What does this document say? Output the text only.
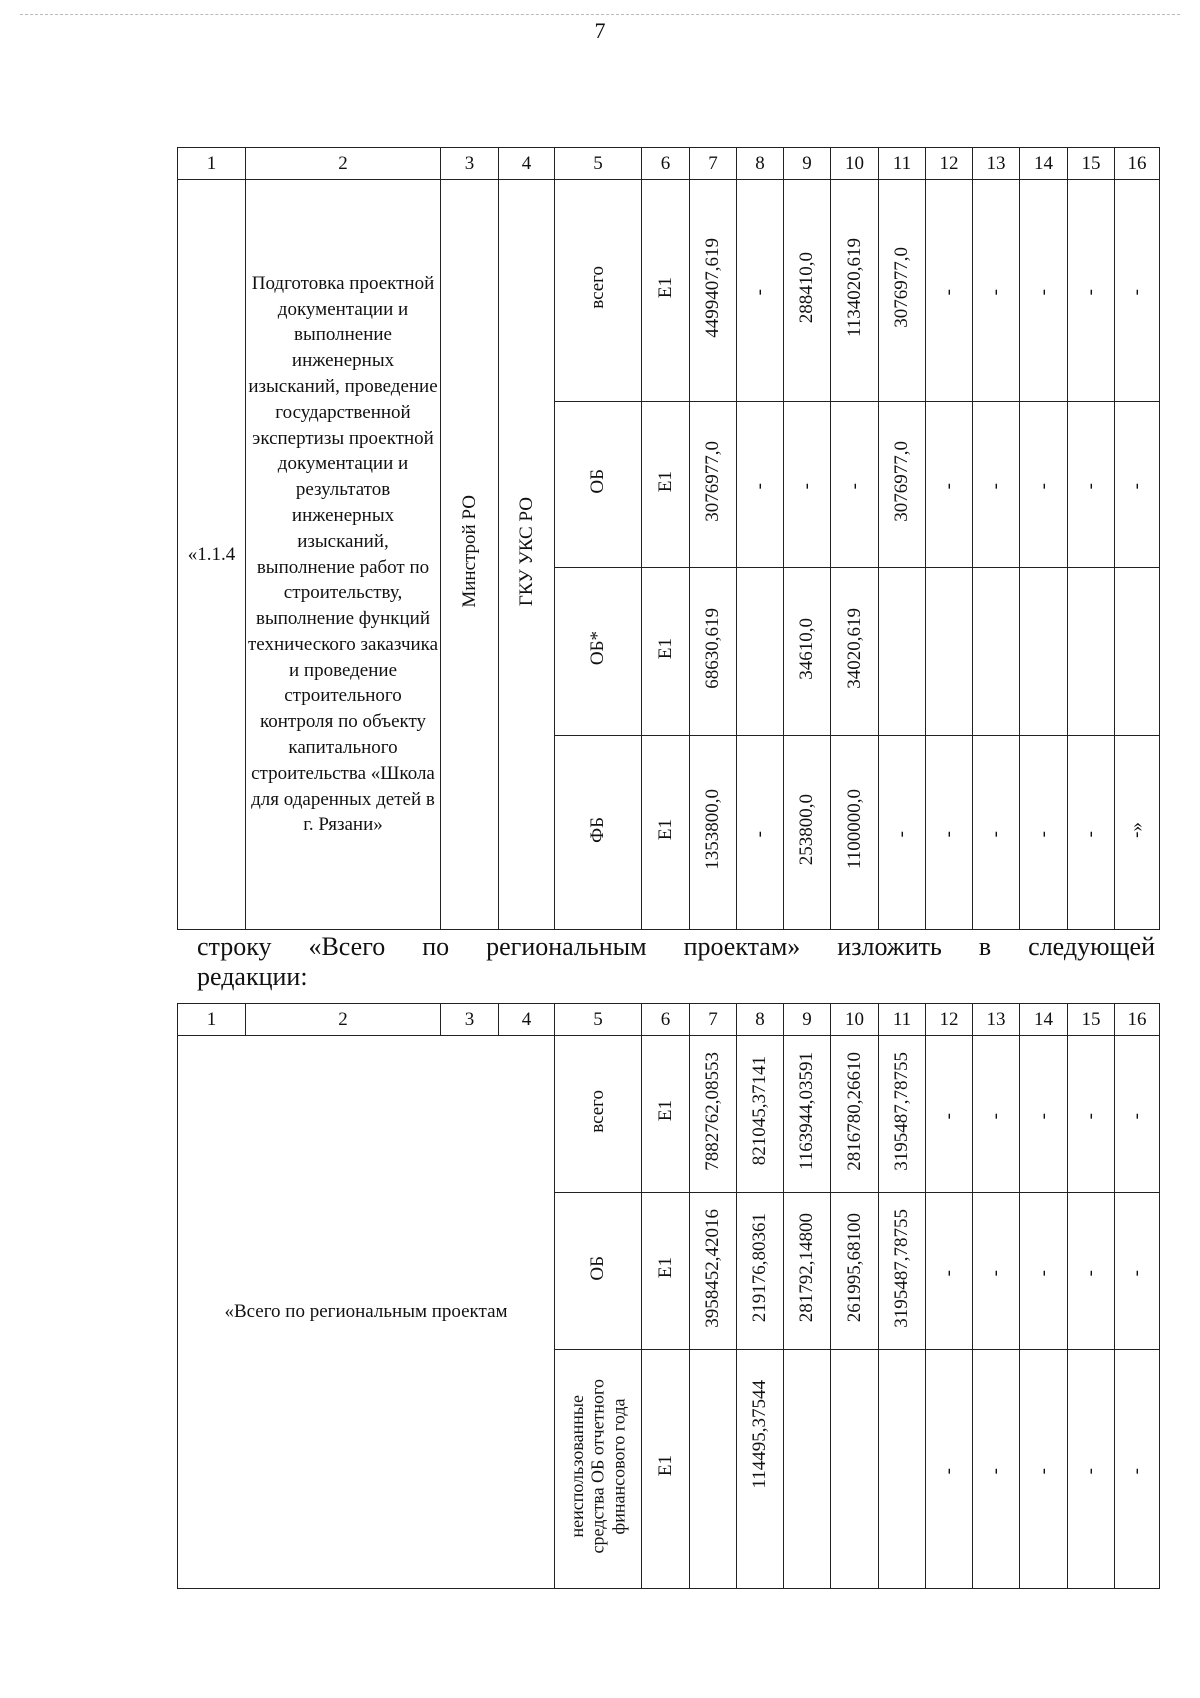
7
1	2	3	4	5	6	7	8	9	10	11	12	13	14	15	16
«1.1.4	Подготовка проектной документации и выполнение инженерных изысканий, проведение государственной экспертизы проектной документации и результатов инженерных изысканий, выполнение работ по строительству, выполнение функций технического заказчика и проведение строительного контроля по объекту капитального строительства «Школа для одаренных детей в г. Рязани»	Минстрой РО	ГКУ УКС РО	всего	Е1	4499407,619	-	288410,0	1134020,619	3076977,0	-	-	-	-	-
				ОБ	Е1	3076977,0	-	-	-	3076977,0	-	-	-	-	-
				ОБ*	Е1	68630,619		34610,0	34020,619						
				ФБ	Е1	1353800,0	-	253800,0	1100000,0	-	-	-	-	-	-»
строку «Всего по региональным проектам» изложить в следующей
редакции:
1	2	3	4	5	6	7	8	9	10	11	12	13	14	15	16
«Всего по региональным проектам				всего	Е1	7882762,08553	821045,37141	1163944,03591	2816780,26610	3195487,78755	-	-	-	-	-
				ОБ	Е1	3958452,42016	219176,80361	281792,14800	261995,68100	3195487,78755	-	-	-	-	-
				неиспользованные
средства ОБ отчетного
финансового года	Е1		114495,37544				-	-	-	-	-
